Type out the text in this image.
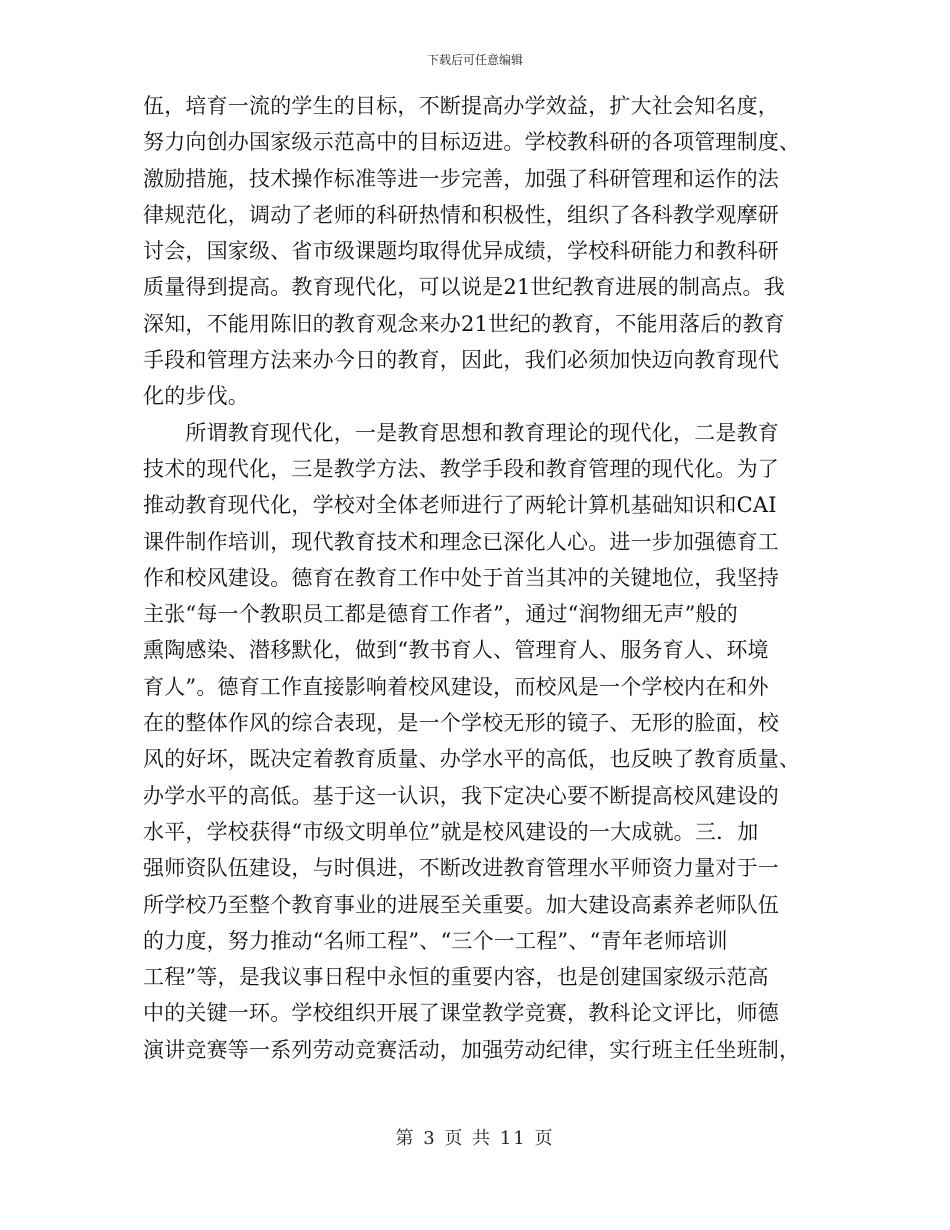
下载后可任意编辑
伍，培育一流的学生的目标，不断提高办学效益，扩大社会知名度，
努力向创办国家级示范高中的目标迈进。学校教科研的各项管理制度、
激励措施，技术操作标准等进一步完善，加强了科研管理和运作的法
律规范化，调动了老师的科研热情和积极性，组织了各科教学观摩研
讨会，国家级、省市级课题均取得优异成绩，学校科研能力和教科研
质量得到提高。教育现代化，可以说是21世纪教育进展的制高点。我
深知，不能用陈旧的教育观念来办21世纪的教育，不能用落后的教育
手段和管理方法来办今日的教育，因此，我们必须加快迈向教育现代
化的步伐。
　　所谓教育现代化，一是教育思想和教育理论的现代化，二是教育
技术的现代化，三是教学方法、教学手段和教育管理的现代化。为了
推动教育现代化，学校对全体老师进行了两轮计算机基础知识和CAI
课件制作培训，现代教育技术和理念已深化人心。进一步加强德育工
作和校风建设。德育在教育工作中处于首当其冲的关键地位，我坚持
主张“每一个教职员工都是德育工作者”，通过“润物细无声”般的
熏陶感染、潜移默化，做到“教书育人、管理育人、服务育人、环境
育人”。德育工作直接影响着校风建设，而校风是一个学校内在和外
在的整体作风的综合表现，是一个学校无形的镜子、无形的脸面，校
风的好坏，既决定着教育质量、办学水平的高低，也反映了教育质量、
办学水平的高低。基于这一认识，我下定决心要不断提高校风建设的
水平，学校获得“市级文明单位”就是校风建设的一大成就。三．加
强师资队伍建设，与时俱进，不断改进教育管理水平师资力量对于一
所学校乃至整个教育事业的进展至关重要。加大建设高素养老师队伍
的力度，努力推动“名师工程”、“三个一工程”、“青年老师培训
工程”等，是我议事日程中永恒的重要内容，也是创建国家级示范高
中的关键一环。学校组织开展了课堂教学竞赛，教科论文评比，师德
演讲竞赛等一系列劳动竞赛活动，加强劳动纪律，实行班主任坐班制，
第 3 页 共 11 页
